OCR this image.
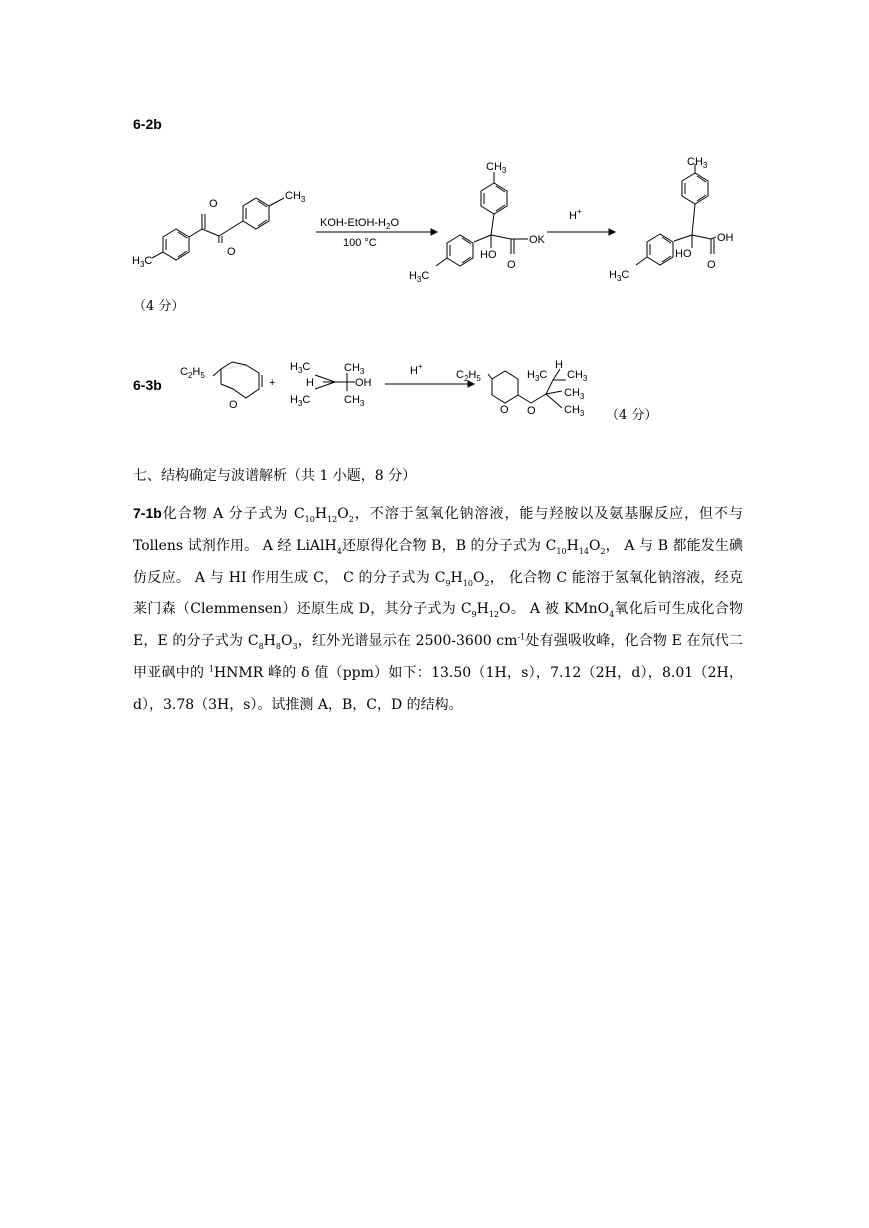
6-2b
O
O
$CH_3$
$H_3C$
KOH-$EtOH-H_2O$
100 °C
H+
$CH_3$
HO
O
OK
$H_3C$
$CH_3$
HO
O
OH
$H_3C$
（4 分）
6-3b
$C_2H_5$
O
+
$H_3C$
H
$H_3C$
$CH_3$
OH
$CH_3$
H+
$C_2H_5$
O O
$H_3C$
H
$CH_3$
$CH_3$
$CH_3$ （4 分）
七、结构确定与波谱解析（共 1 小题，8 分）
7-1b化合物 A 分子式为 $C_{10}H_{12}O_2$，不溶于氢氧化钠溶液，能与羟胺以及氨基脲反应，但不与 Tollens 试剂作用。 A 经 LiAlH$_4$还原得化合物 B，B 的分子式为 $C_{10}H_{14}O_2$， A 与 B 都能发生碘仿反应。 A 与 HI 作用生成 C， C 的分子式为 $C_9H_{10}O_2$， 化合物 C 能溶于氢氧化钠溶液，经克莱门森（Clemmensen）还原生成 D，其分子式为 $C_9H_{12}O$。 A 被 KMnO$_4$氧化后可生成化合物 E，E 的分子式为 $C_8H_8O_3$，红外光谱显示在 2500-3600 $cm^{-1}$处有强吸收峰，化合物 E 在氘代二甲亚砜中的 $^1$HNMR 峰的 δ 值（ppm）如下：13.50（1H，s），7.12（2H，d），8.01（2H，d），3.78（3H，s）。试推测 A，B，C，D 的结构。
